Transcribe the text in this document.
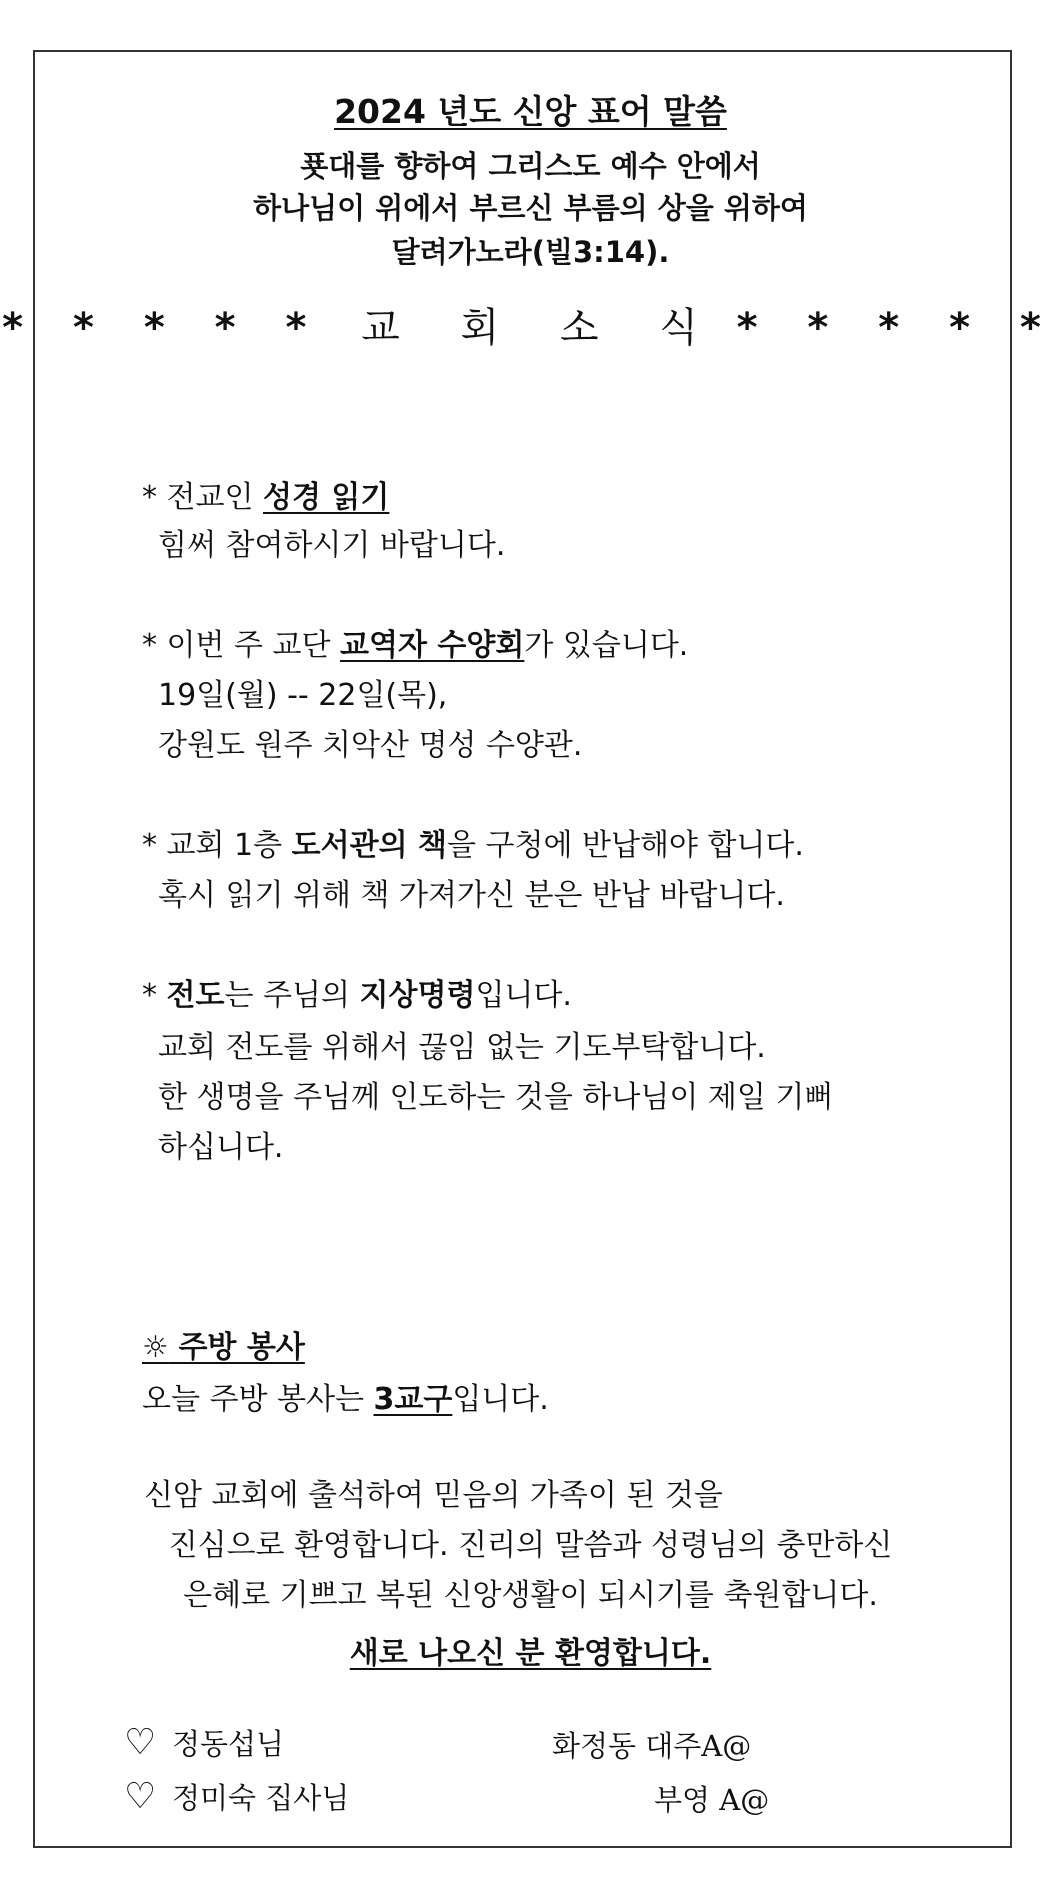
2024 년도 신앙 표어 말씀
푯대를 향하여 그리스도 예수 안에서
하나님이 위에서 부르신 부름의 상을 위하여
달려가노라(빌3:14).
* * * * * 교 회 소 식 * * * * *
* 전교인 성경 읽기
힘써 참여하시기 바랍니다.
* 이번 주 교단 교역자 수양회가 있습니다.
19일(월) -- 22일(목),
강원도 원주 치악산 명성 수양관.
* 교회 1층 도서관의 책을 구청에 반납해야 합니다.
혹시 읽기 위해 책 가져가신 분은 반납 바랍니다.
* 전도는 주님의 지상명령입니다.
교회 전도를 위해서 끊임 없는 기도부탁합니다.
한 생명을 주님께 인도하는 것을 하나님이 제일 기뻐
하십니다.
☼ 주방 봉사
오늘 주방 봉사는 3교구입니다.
신암 교회에 출석하여 믿음의 가족이 된 것을
진심으로 환영합니다. 진리의 말씀과 성령님의 충만하신
은혜로 기쁘고 복된 신앙생활이 되시기를 축원합니다.
새로 나오신 분 환영합니다.
♡ 정동섭님	화정동 대주A@
♡ 정미숙 집사님	부영 A@
